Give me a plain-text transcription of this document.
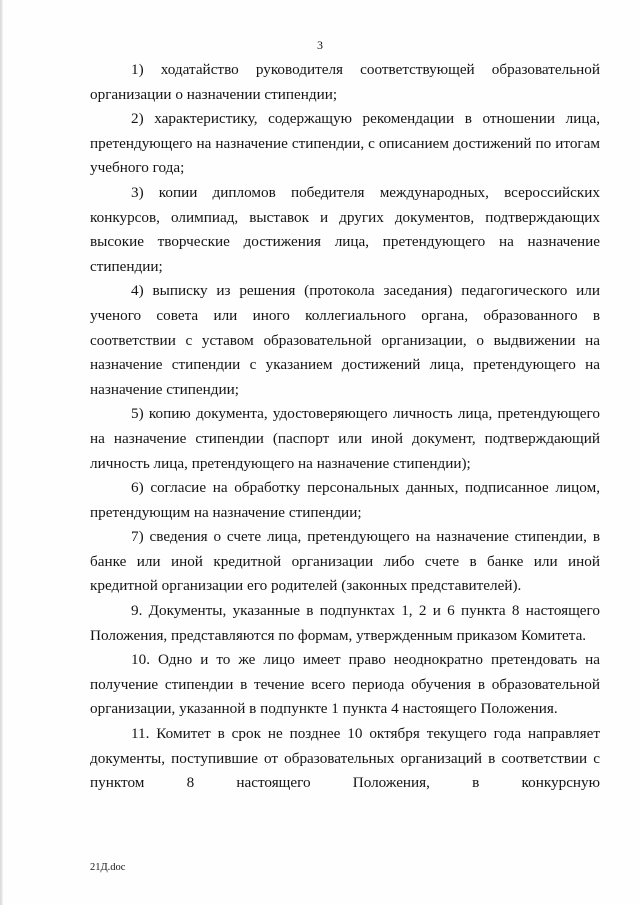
3

1) ходатайство руководителя соответствующей образовательной организации о назначении стипендии;

2) характеристику, содержащую рекомендации в отношении лица, претендующего на назначение стипендии, с описанием достижений по итогам учебного года;

3) копии дипломов победителя международных, всероссийских конкурсов, олимпиад, выставок и других документов, подтверждающих высокие творческие достижения лица, претендующего на назначение стипендии;

4) выписку из решения (протокола заседания) педагогического или ученого совета или иного коллегиального органа, образованного в соответствии с уставом образовательной организации, о выдвижении на назначение стипендии с указанием достижений лица, претендующего на назначение стипендии;

5) копию документа, удостоверяющего личность лица, претендующего на назначение стипендии (паспорт или иной документ, подтверждающий личность лица, претендующего на назначение стипендии);

6) согласие на обработку персональных данных, подписанное лицом, претендующим на назначение стипендии;

7) сведения о счете лица, претендующего на назначение стипендии, в банке или иной кредитной организации либо счете в банке или иной кредитной организации его родителей (законных представителей).

9. Документы, указанные в подпунктах 1, 2 и 6 пункта 8 настоящего Положения, представляются по формам, утвержденным приказом Комитета.

10. Одно и то же лицо имеет право неоднократно претендовать на получение стипендии в течение всего периода обучения в образовательной организации, указанной в подпункте 1 пункта 4 настоящего Положения.

11. Комитет в срок не позднее 10 октября текущего года направляет документы, поступившие от образовательных организаций в соответствии с пунктом 8 настоящего Положения, в конкурсную

21Д.doc
